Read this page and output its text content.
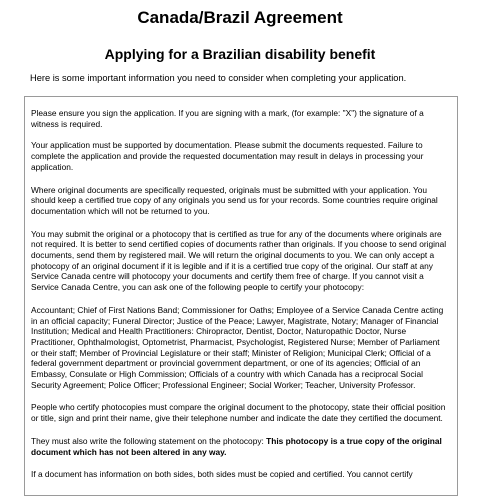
Canada/Brazil Agreement
Applying for a Brazilian disability benefit

Here is some important information you need to consider when completing your application.

Please ensure you sign the application. If you are signing with a mark, (for example: "X") the signature of a witness is required.

Your application must be supported by documentation. Please submit the documents requested. Failure to complete the application and provide the requested documentation may result in delays in processing your application.

Where original documents are specifically requested, originals must be submitted with your application. You should keep a certified true copy of any originals you send us for your records. Some countries require original documentation which will not be returned to you.

You may submit the original or a photocopy that is certified as true for any of the documents where originals are not required. It is better to send certified copies of documents rather than originals. If you choose to send original documents, send them by registered mail. We will return the original documents to you. We can only accept a photocopy of an original document if it is legible and if it is a certified true copy of the original. Our staff at any Service Canada centre will photocopy your documents and certify them free of charge. If you cannot visit a Service Canada Centre, you can ask one of the following people to certify your photocopy:

Accountant; Chief of First Nations Band; Commissioner for Oaths; Employee of a Service Canada Centre acting in an official capacity; Funeral Director; Justice of the Peace; Lawyer, Magistrate, Notary; Manager of Financial Institution; Medical and Health Practitioners: Chiropractor, Dentist, Doctor, Naturopathic Doctor, Nurse Practitioner, Ophthalmologist, Optometrist, Pharmacist, Psychologist, Registered Nurse; Member of Parliament or their staff; Member of Provincial Legislature or their staff; Minister of Religion; Municipal Clerk; Official of a federal government department or provincial government department, or one of its agencies; Official of an Embassy, Consulate or High Commission; Officials of a country with which Canada has a reciprocal Social Security Agreement; Police Officer; Professional Engineer; Social Worker; Teacher, University Professor.

People who certify photocopies must compare the original document to the photocopy, state their official position or title, sign and print their name, give their telephone number and indicate the date they certified the document.

They must also write the following statement on the photocopy: This photocopy is a true copy of the original document which has not been altered in any way.

If a document has information on both sides, both sides must be copied and certified. You cannot certify
